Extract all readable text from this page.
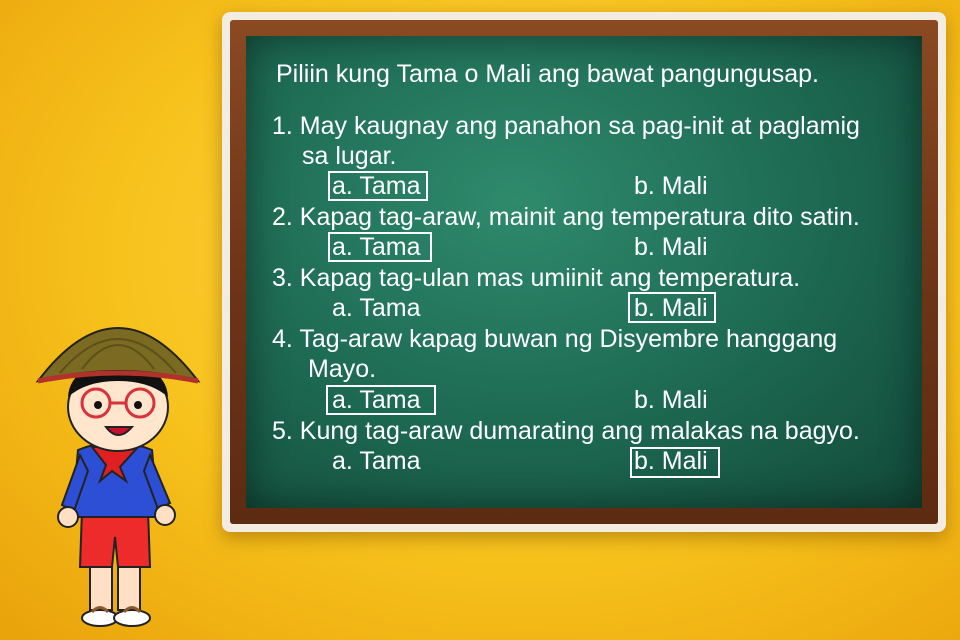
Piliin kung Tama o Mali ang bawat pangungusap.

1. May kaugnay ang panahon sa pag-init at paglamig

sa lugar.

a. Tama	b. Mali

2. Kapag tag-araw, mainit ang temperatura dito satin.

a. Tama	b. Mali

3. Kapag tag-ulan mas umiinit ang temperatura.

a. Tama	b. Mali

4. Tag-araw kapag buwan ng Disyembre hanggang

Mayo.

a. Tama	b. Mali

5. Kung tag-araw dumarating ang malakas na bagyo.

a. Tama	b. Mali
